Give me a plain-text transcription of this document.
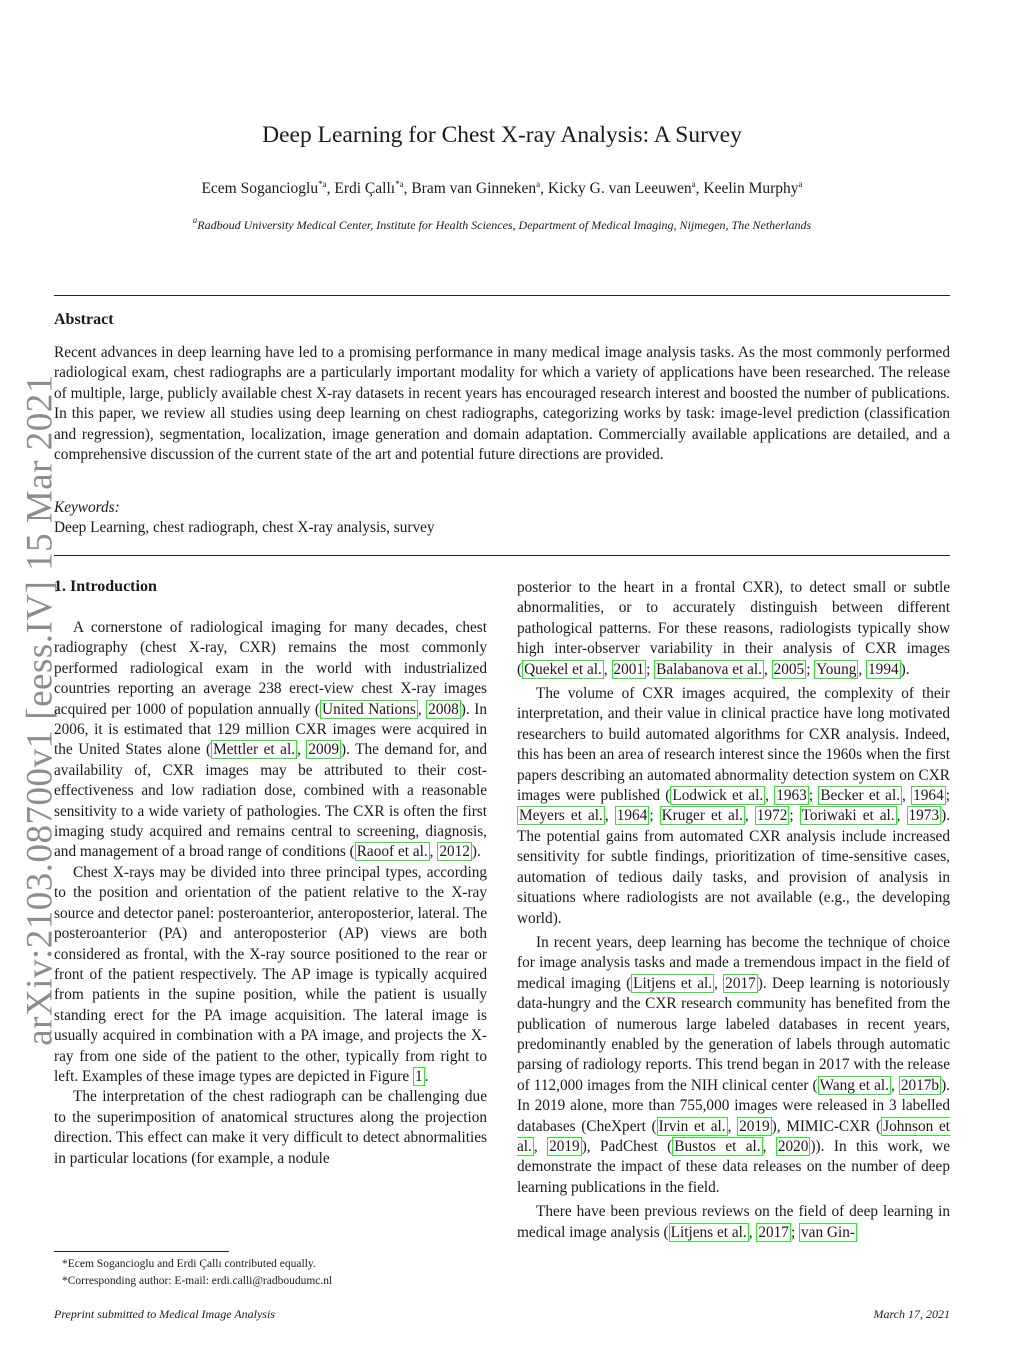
arXiv:2103.08700v1 [eess.IV] 15 Mar 2021
Deep Learning for Chest X-ray Analysis: A Survey
Ecem Sogancioglu$^{*a}$, Erdi Çallı$^{*a}$, Bram van Ginneken$^a$, Kicky G. van Leeuwen$^a$, Keelin Murphy$^a$
$^a$Radboud University Medical Center, Institute for Health Sciences, Department of Medical Imaging, Nijmegen, The Netherlands
Abstract
Recent advances in deep learning have led to a promising performance in many medical image analysis tasks. As the most commonly performed radiological exam, chest radiographs are a particularly important modality for which a variety of applications have been researched. The release of multiple, large, publicly available chest X-ray datasets in recent years has encouraged research interest and boosted the number of publications. In this paper, we review all studies using deep learning on chest radiographs, categorizing works by task: image-level prediction (classification and regression), segmentation, localization, image generation and domain adaptation. Commercially available applications are detailed, and a comprehensive discussion of the current state of the art and potential future directions are provided.
Keywords:
Deep Learning, chest radiograph, chest X-ray analysis, survey
1. Introduction

A cornerstone of radiological imaging for many decades, chest radiography (chest X-ray, CXR) remains the most commonly performed radiological exam in the world with industrialized countries reporting an average 238 erect-view chest X-ray images acquired per 1000 of population annually ( United Nations , 2008 ). In 2006, it is estimated that 129 million CXR images were acquired in the United States alone ( Mettler et al. , 2009 ). The demand for, and availability of, CXR images may be attributed to their cost-effectiveness and low radiation dose, combined with a reasonable sensitivity to a wide variety of pathologies. The CXR is often the first imaging study acquired and remains central to screening, diagnosis, and management of a broad range of conditions ( Raoof et al. , 2012 ).

Chest X-rays may be divided into three principal types, according to the position and orientation of the patient relative to the X-ray source and detector panel: posteroanterior, anteroposterior, lateral. The posteroanterior (PA) and anteroposterior (AP) views are both considered as frontal, with the X-ray source positioned to the rear or front of the patient respectively. The AP image is typically acquired from patients in the supine position, while the patient is usually standing erect for the PA image acquisition. The lateral image is usually acquired in combination with a PA image, and projects the X-ray from one side of the patient to the other, typically from right to left. Examples of these image types are depicted in Figure 1 .

The interpretation of the chest radiograph can be challenging due to the superimposition of anatomical structures along the projection direction. This effect can make it very difficult to detect abnormalities in particular locations (for example, a nodule

posterior to the heart in a frontal CXR), to detect small or subtle abnormalities, or to accurately distinguish between different pathological patterns. For these reasons, radiologists typically show high inter-observer variability in their analysis of CXR images ( Quekel et al. , 2001 ; Balabanova et al. , 2005 ; Young , 1994 ).

The volume of CXR images acquired, the complexity of their interpretation, and their value in clinical practice have long motivated researchers to build automated algorithms for CXR analysis. Indeed, this has been an area of research interest since the 1960s when the first papers describing an automated abnormality detection system on CXR images were published ( Lodwick et al. , 1963 ; Becker et al. , 1964 ; Meyers et al. , 1964 ; Kruger et al. , 1972 ; Toriwaki et al. , 1973 ). The potential gains from automated CXR analysis include increased sensitivity for subtle findings, prioritization of time-sensitive cases, automation of tedious daily tasks, and provision of analysis in situations where radiologists are not available (e.g., the developing world).

In recent years, deep learning has become the technique of choice for image analysis tasks and made a tremendous impact in the field of medical imaging ( Litjens et al. , 2017 ). Deep learning is notoriously data-hungry and the CXR research community has benefited from the publication of numerous large labeled databases in recent years, predominantly enabled by the generation of labels through automatic parsing of radiology reports. This trend began in 2017 with the release of 112,000 images from the NIH clinical center ( Wang et al. , 2017b ). In 2019 alone, more than 755,000 images were released in 3 labelled databases (CheXpert ( Irvin et al. , 2019 ), MIMIC-CXR ( Johnson et al. , 2019 ), PadChest ( Bustos et al. , 2020 )). In this work, we demonstrate the impact of these data releases on the number of deep learning publications in the field.

There have been previous reviews on the field of deep learning in medical image analysis ( Litjens et al. , 2017 ; van Gin-

*Ecem Sogancioglu and Erdi Çallı contributed equally.
*Corresponding author: E-mail: erdi.calli@radboudumc.nl
Preprint submitted to Medical Image Analysis	March 17, 2021
